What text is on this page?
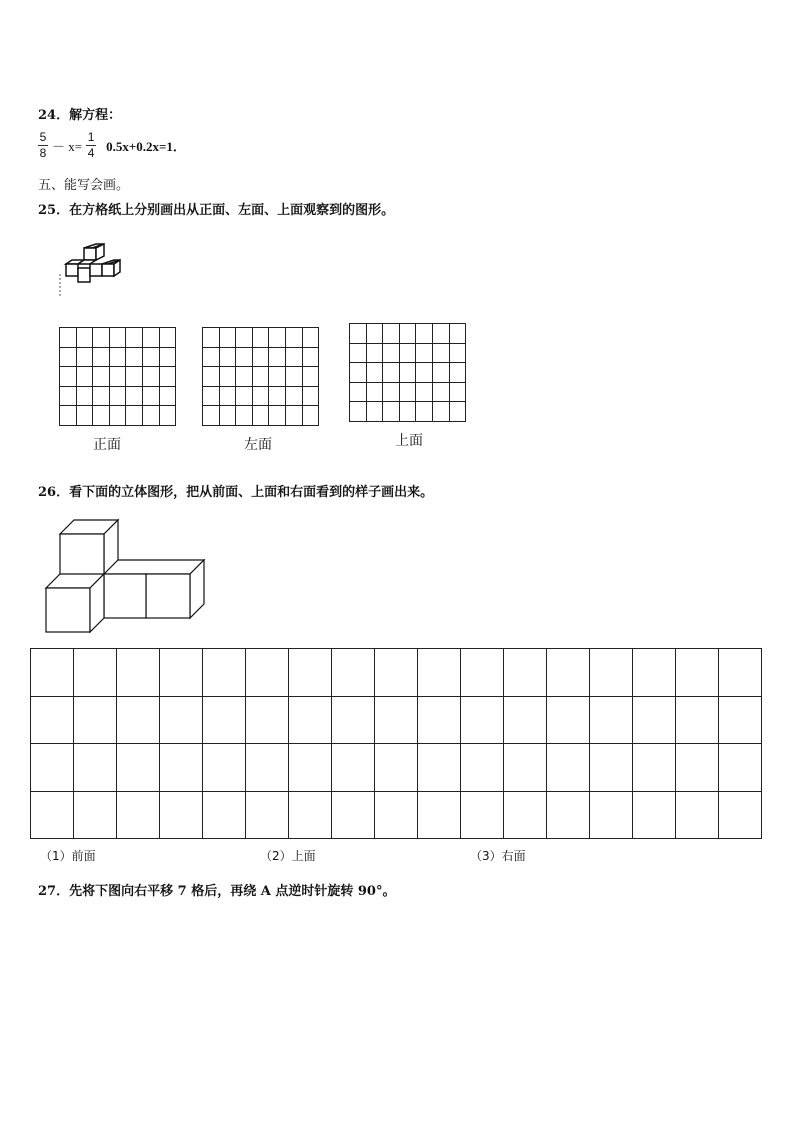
24．解方程：
$\frac{5}{8} - x= \frac{1}{4} 0.5x+0.2x=1$．
五、能写会画。
25．在方格纸上分别画出从正面、左面、上面观察到的图形。

正面	左面	上面
26．看下面的立体图形，把从前面、上面和右面看到的样子画出来。

（1）前面	（2）上面	（3）右面
27．先将下图向右平移 7 格后，再绕 A 点逆时针旋转 90°。
